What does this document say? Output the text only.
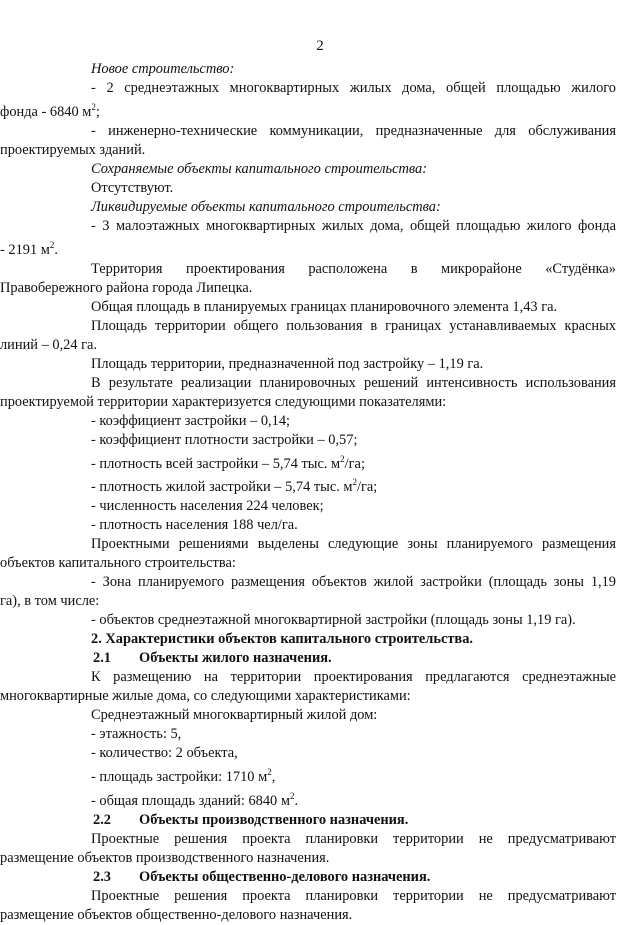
2

Новое строительство:

- 2 среднеэтажных многоквартирных жилых дома, общей площадью жилого

фонда - 6840 $м^2$;

- инженерно-технические коммуникации, предназначенные для обслуживания

проектируемых зданий.

Сохраняемые объекты капитального строительства:

Отсутствуют.

Ликвидируемые объекты капитального строительства:

- 3 малоэтажных многоквартирных жилых дома, общей площадью жилого фонда

- 2191 $м^2$.

Территория проектирования расположена в микрорайоне «Студёнка»

Правобережного района города Липецка.

Общая площадь в планируемых границах планировочного элемента 1,43 га.

Площадь территории общего пользования в границах устанавливаемых красных

линий – 0,24 га.

Площадь территории, предназначенной под застройку – 1,19 га.

В результате реализации планировочных решений интенсивность использования

проектируемой территории характеризуется следующими показателями:

- коэффициент застройки – 0,14;

- коэффициент плотности застройки – 0,57;

- плотность всей застройки – 5,74 тыс. $м^2/га$;

- плотность жилой застройки – 5,74 тыс. $м^2/га$;

- численность населения 224 человек;

- плотность населения 188 чел/га.

Проектными решениями выделены следующие зоны планируемого размещения

объектов капитального строительства:

- Зона планируемого размещения объектов жилой застройки (площадь зоны 1,19

га), в том числе:

- объектов среднеэтажной многоквартирной застройки (площадь зоны 1,19 га).

2. Характеристики объектов капитального строительства.

2.1 Объекты жилого назначения.

К размещению на территории проектирования предлагаются среднеэтажные

многоквартирные жилые дома, со следующими характеристиками:

Среднеэтажный многоквартирный жилой дом:

- этажность: 5,

- количество: 2 объекта,

- площадь застройки: 1710 $м^2$,

- общая площадь зданий: 6840 $м^2$.

2.2 Объекты производственного назначения.

Проектные решения проекта планировки территории не предусматривают

размещение объектов производственного назначения.

2.3 Объекты общественно-делового назначения.

Проектные решения проекта планировки территории не предусматривают

размещение объектов общественно-делового назначения.
